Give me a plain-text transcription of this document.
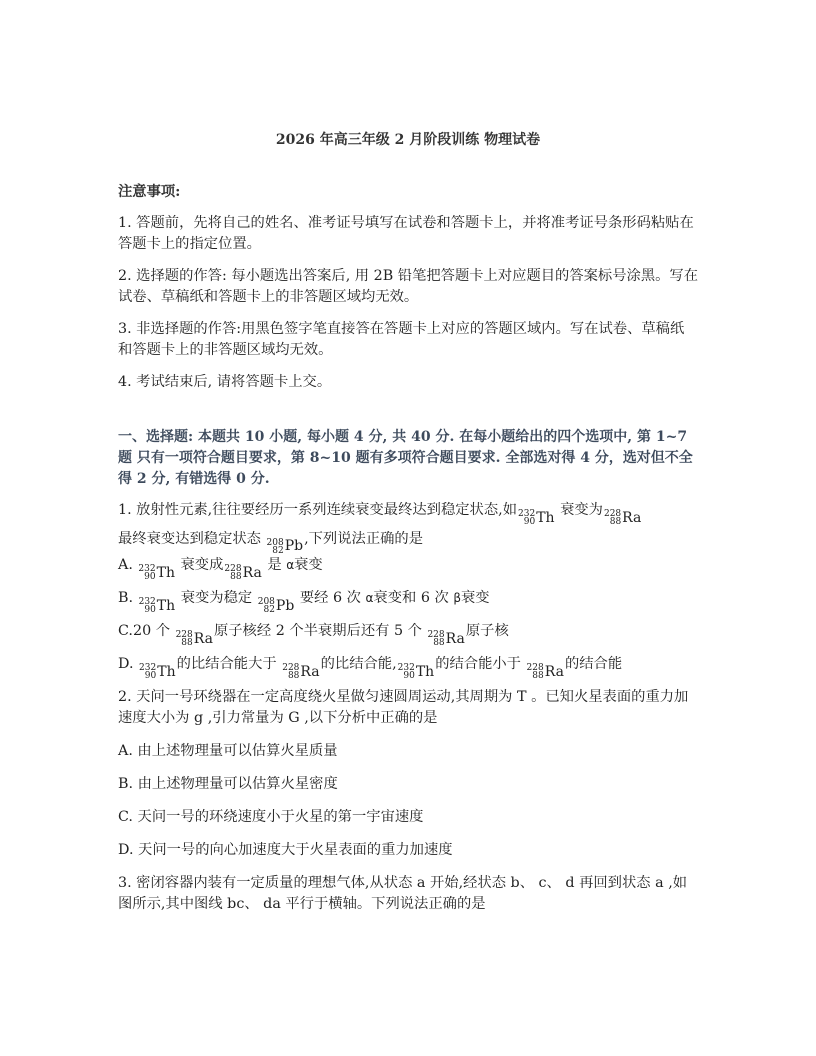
2026 年高三年级 2 月阶段训练 物理试卷
注意事项:
1. 答题前，先将自己的姓名、准考证号填写在试卷和答题卡上，并将准考证号条形码粘贴在答题卡上的指定位置。
2. 选择题的作答: 每小题选出答案后, 用 2B 铅笔把答题卡上对应题目的答案标号涂黑。写在试卷、草稿纸和答题卡上的非答题区域均无效。
3. 非选择题的作答:用黑色签字笔直接答在答题卡上对应的答题区域内。写在试卷、草稿纸和答题卡上的非答题区域均无效。
4. 考试结束后, 请将答题卡上交。
一、选择题: 本题共 10 小题, 每小题 4 分, 共 40 分. 在每小题给出的四个选项中, 第 1~7 题 只有一项符合题目要求，第 8~10 题有多项符合题目要求. 全部选对得 4 分，选对但不全得 2 分, 有错选得 0 分.
1. 放射性元素,往往要经历一系列连续衰变最终达到稳定状态,如 232
90 Th 衰变为 228
88 Ra

最终衰变达到稳定状态 208
82 Pb ,下列说法正确的是
A. 232
90 Th 衰变成 228
88 Ra 是 α衰变
B. 232
90 Th 衰变为稳定 208
82 Pb 要经 6 次 α衰变和 6 次 β衰变
C.20 个 228
88 Ra 原子核经 2 个半衰期后还有 5 个 228
88 Ra 原子核
D. 232
90 Th 的比结合能大于 228
88 Ra 的比结合能, 232
90 Th 的结合能小于 228
88 Ra 的结合能
2. 天问一号环绕器在一定高度绕火星做匀速圆周运动,其周期为 T 。已知火星表面的重力加速度大小为 g ,引力常量为 G ,以下分析中正确的是
A. 由上述物理量可以估算火星质量
B. 由上述物理量可以估算火星密度
C. 天问一号的环绕速度小于火星的第一宇宙速度
D. 天问一号的向心加速度大于火星表面的重力加速度
3. 密闭容器内装有一定质量的理想气体,从状态 a 开始,经状态 b、 c、 d 再回到状态 a ,如图所示,其中图线 bc、 da 平行于横轴。下列说法正确的是
